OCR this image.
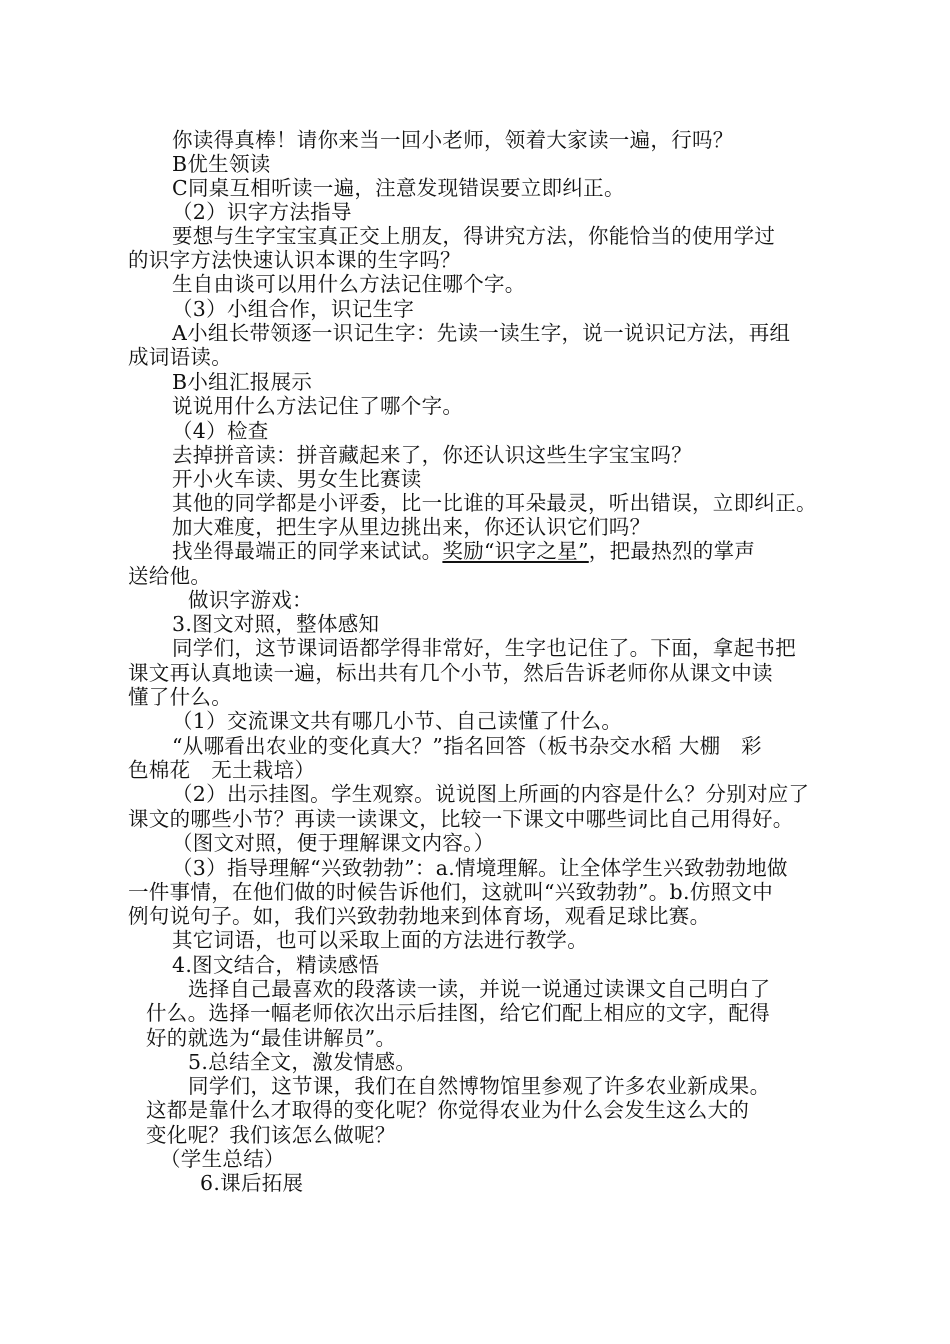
你读得真棒！请你来当一回小老师，领着大家读一遍，行吗？
B优生领读
C同桌互相听读一遍，注意发现错误要立即纠正。
（2）识字方法指导
要想与生字宝宝真正交上朋友，得讲究方法，你能恰当的使用学过
的识字方法快速认识本课的生字吗？
生自由谈可以用什么方法记住哪个字。
（3）小组合作，识记生字
A小组长带领逐一识记生字：先读一读生字，说一说识记方法，再组
成词语读。
B小组汇报展示
说说用什么方法记住了哪个字。
（4）检查
去掉拼音读：拼音藏起来了，你还认识这些生字宝宝吗？
开小火车读、男女生比赛读
其他的同学都是小评委，比一比谁的耳朵最灵，听出错误，立即纠正。
加大难度，把生字从里边挑出来，你还认识它们吗？
找坐得最端正的同学来试试。奖励“识字之星”，把最热烈的掌声
送给他。
做识字游戏：
3.图文对照，整体感知
同学们，这节课词语都学得非常好，生字也记住了。下面，拿起书把
课文再认真地读一遍，标出共有几个小节，然后告诉老师你从课文中读
懂了什么。
（1）交流课文共有哪几小节、自己读懂了什么。
“从哪看出农业的变化真大？”指名回答（板书杂交水稻 大棚　彩
色棉花　无土栽培）
（2）出示挂图。学生观察。说说图上所画的内容是什么？分别对应了
课文的哪些小节？再读一读课文，比较一下课文中哪些词比自己用得好。
（图文对照，便于理解课文内容。）
（3）指导理解“兴致勃勃”：a.情境理解。让全体学生兴致勃勃地做
一件事情，在他们做的时候告诉他们，这就叫“兴致勃勃”。b.仿照文中
例句说句子。如，我们兴致勃勃地来到体育场，观看足球比赛。
其它词语，也可以采取上面的方法进行教学。
4.图文结合，精读感悟
选择自己最喜欢的段落读一读，并说一说通过读课文自己明白了
什么。选择一幅老师依次出示后挂图，给它们配上相应的文字，配得
好的就选为“最佳讲解员”。
5.总结全文，激发情感。
同学们，这节课，我们在自然博物馆里参观了许多农业新成果。
这都是靠什么才取得的变化呢？你觉得农业为什么会发生这么大的
变化呢？我们该怎么做呢？
（学生总结）
6.课后拓展
